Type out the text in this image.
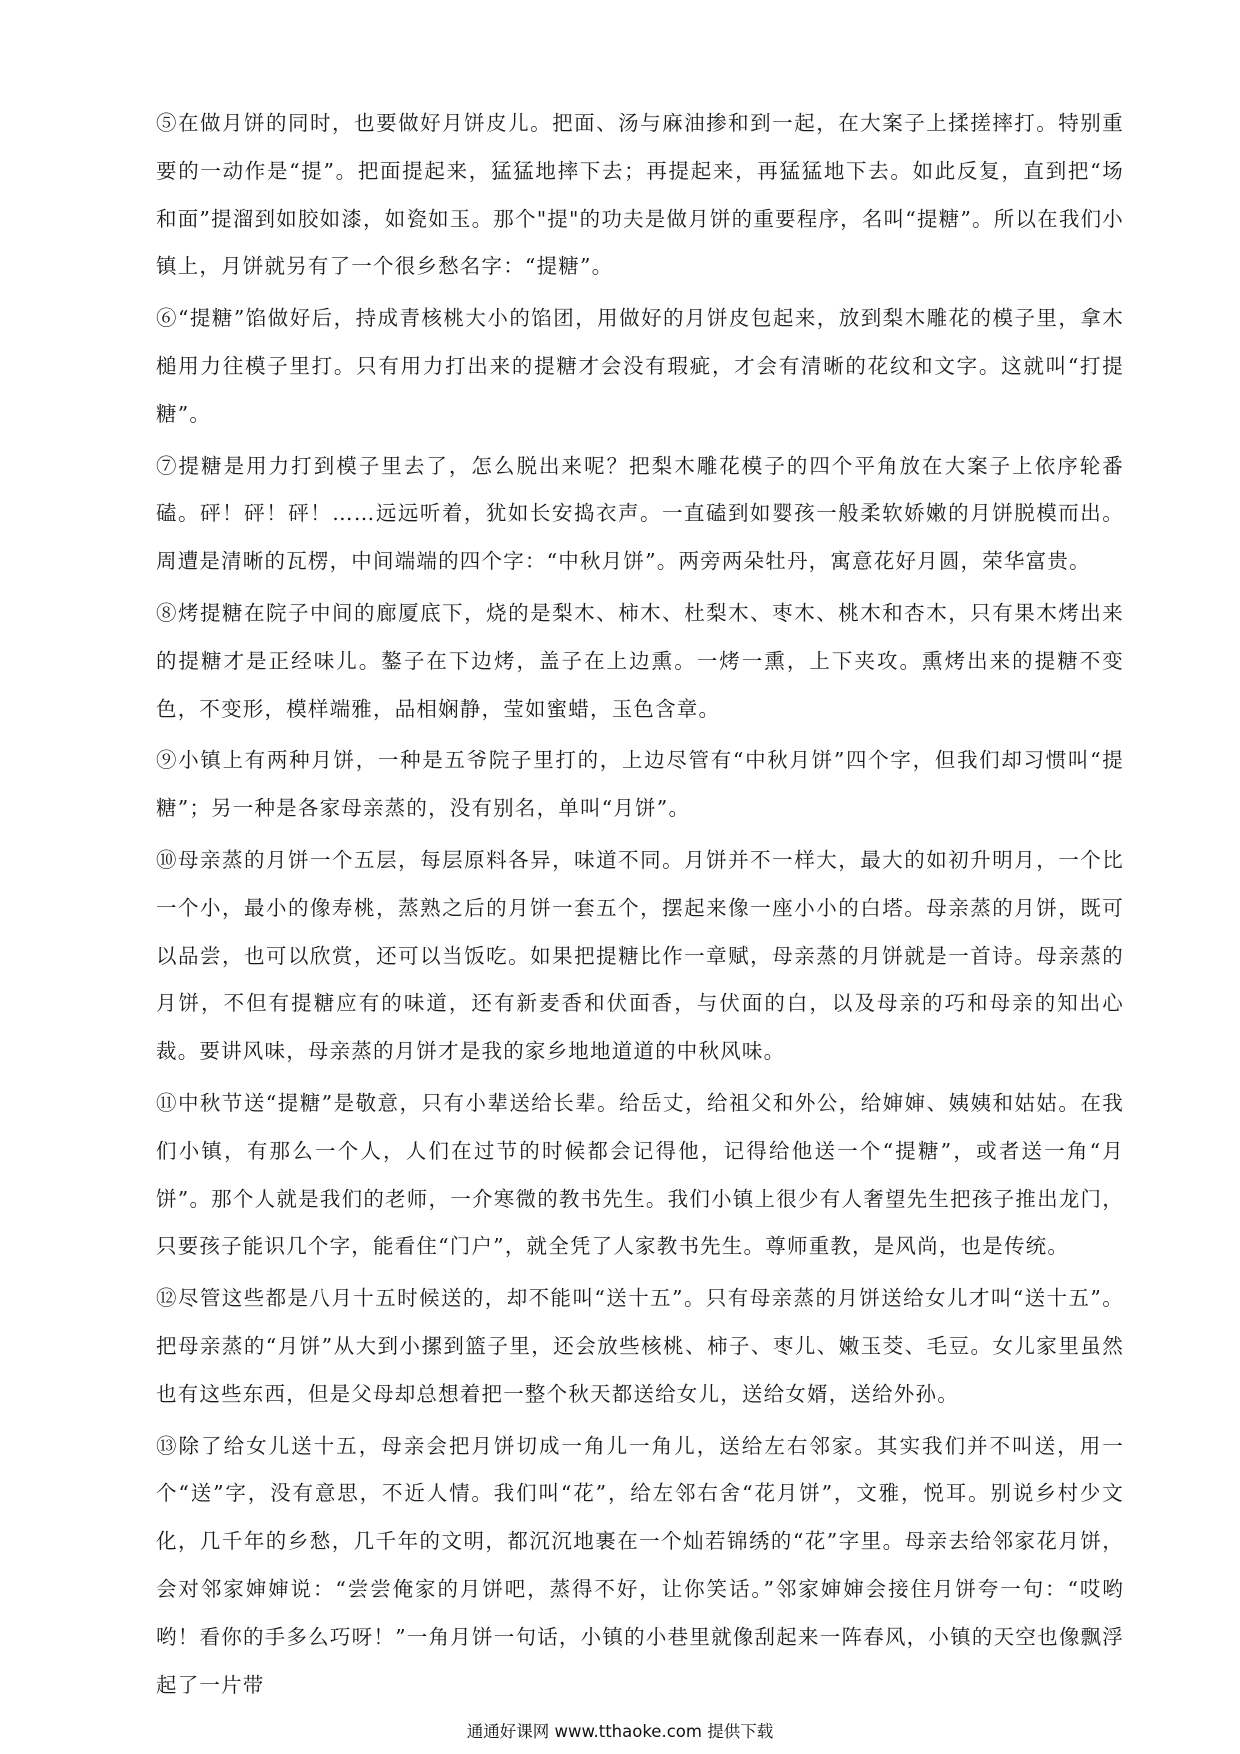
⑤在做月饼的同时，也要做好月饼皮儿。把面、汤与麻油掺和到一起，在大案子上揉搓摔打。特别重要的一动作是“提”。把面提起来，猛猛地摔下去；再提起来，再猛猛地下去。如此反复，直到把“场和面”提溜到如胶如漆，如瓷如玉。那个"提"的功夫是做月饼的重要程序，名叫“提糖”。所以在我们小镇上，月饼就另有了一个很乡愁名字：“提糖”。

⑥“提糖”馅做好后，持成青核桃大小的馅团，用做好的月饼皮包起来，放到梨木雕花的模子里，拿木槌用力往模子里打。只有用力打出来的提糖才会没有瑕疵，才会有清晰的花纹和文字。这就叫“打提糖”。

⑦提糖是用力打到模子里去了，怎么脱出来呢？把梨木雕花模子的四个平角放在大案子上依序轮番磕。砰！砰！砰！……远远听着，犹如长安捣衣声。一直磕到如婴孩一般柔软娇嫩的月饼脱模而出。周遭是清晰的瓦楞，中间端端的四个字：“中秋月饼”。两旁两朵牡丹，寓意花好月圆，荣华富贵。

⑧烤提糖在院子中间的廊厦底下，烧的是梨木、柿木、杜梨木、枣木、桃木和杏木，只有果木烤出来的提糖才是正经味儿。鏊子在下边烤，盖子在上边熏。一烤一熏，上下夹攻。熏烤出来的提糖不变色，不变形，模样端雅，品相娴静，莹如蜜蜡，玉色含章。

⑨小镇上有两种月饼，一种是五爷院子里打的，上边尽管有“中秋月饼”四个字，但我们却习惯叫“提糖”；另一种是各家母亲蒸的，没有别名，单叫“月饼”。

⑩母亲蒸的月饼一个五层，每层原料各异，味道不同。月饼并不一样大，最大的如初升明月，一个比一个小，最小的像寿桃，蒸熟之后的月饼一套五个，摆起来像一座小小的白塔。母亲蒸的月饼，既可以品尝，也可以欣赏，还可以当饭吃。如果把提糖比作一章赋，母亲蒸的月饼就是一首诗。母亲蒸的月饼，不但有提糖应有的味道，还有新麦香和伏面香，与伏面的白，以及母亲的巧和母亲的知出心裁。要讲风味，母亲蒸的月饼才是我的家乡地地道道的中秋风味。

⑪中秋节送“提糖”是敬意，只有小辈送给长辈。给岳丈，给祖父和外公，给婶婶、姨姨和姑姑。在我们小镇，有那么一个人，人们在过节的时候都会记得他，记得给他送一个“提糖”，或者送一角“月饼”。那个人就是我们的老师，一介寒微的教书先生。我们小镇上很少有人奢望先生把孩子推出龙门，只要孩子能识几个字，能看住“门户”，就全凭了人家教书先生。尊师重教，是风尚，也是传统。

⑫尽管这些都是八月十五时候送的，却不能叫“送十五”。只有母亲蒸的月饼送给女儿才叫“送十五”。把母亲蒸的“月饼”从大到小摞到篮子里，还会放些核桃、柿子、枣儿、嫩玉茭、毛豆。女儿家里虽然也有这些东西，但是父母却总想着把一整个秋天都送给女儿，送给女婿，送给外孙。

⑬除了给女儿送十五，母亲会把月饼切成一角儿一角儿，送给左右邻家。其实我们并不叫送，用一个“送”字，没有意思，不近人情。我们叫“花”，给左邻右舍“花月饼”，文雅，悦耳。别说乡村少文化，几千年的乡愁，几千年的文明，都沉沉地裹在一个灿若锦绣的“花”字里。母亲去给邻家花月饼，会对邻家婶婶说：“尝尝俺家的月饼吧，蒸得不好，让你笑话。”邻家婶婶会接住月饼夸一句：“哎哟哟！看你的手多么巧呀！”一角月饼一句话，小镇的小巷里就像刮起来一阵春风，小镇的天空也像飘浮起了一片带

通通好课网 www.tthaoke.com 提供下载
